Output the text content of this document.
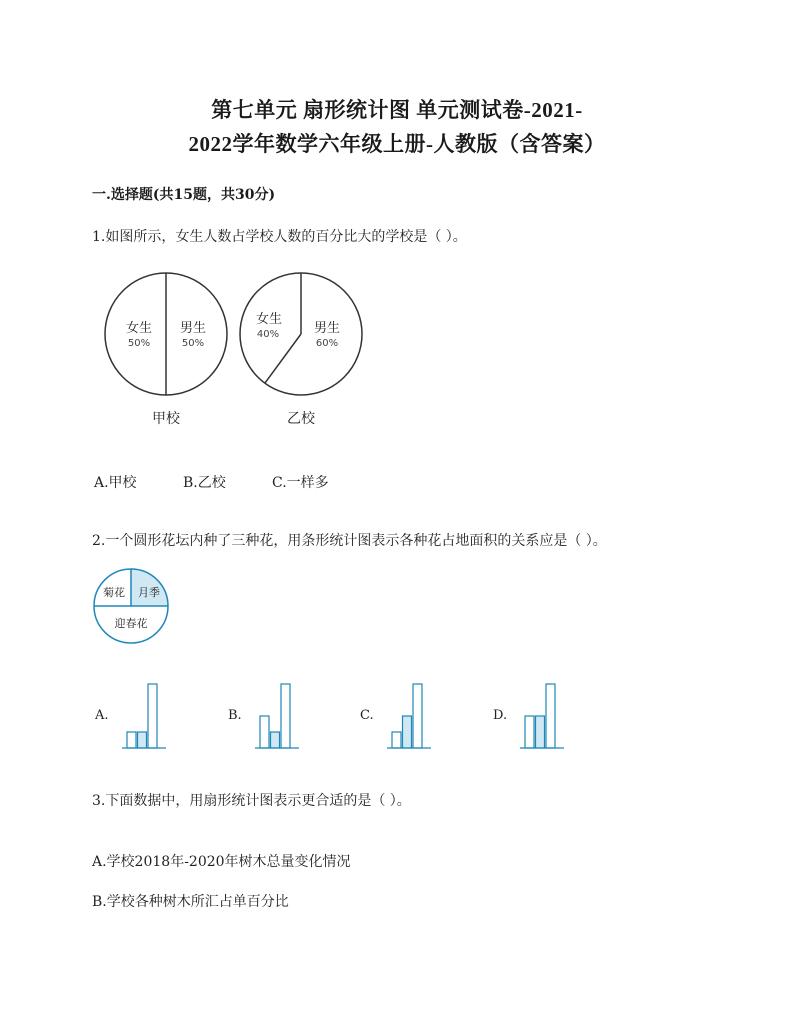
第七单元 扇形统计图 单元测试卷-2021-
2022学年数学六年级上册-人教版（含答案）
一.选择题(共15题，共30分)
1.如图所示，女生人数占学校人数的百分比大的学校是（ ）。
女生
50%
男生
50%
甲校
女生
40%	男生
60%
乙校
A.甲校	B.乙校	C.一样多
2.一个圆形花坛内种了三种花，用条形统计图表示各种花占地面积的关系应是（ ）。
菊花 月季
迎春花
A.	B.	C.	D.
3.下面数据中，用扇形统计图表示更合适的是（ ）。
A.学校2018年-2020年树木总量变化情况
B.学校各种树木所汇占单百分比
